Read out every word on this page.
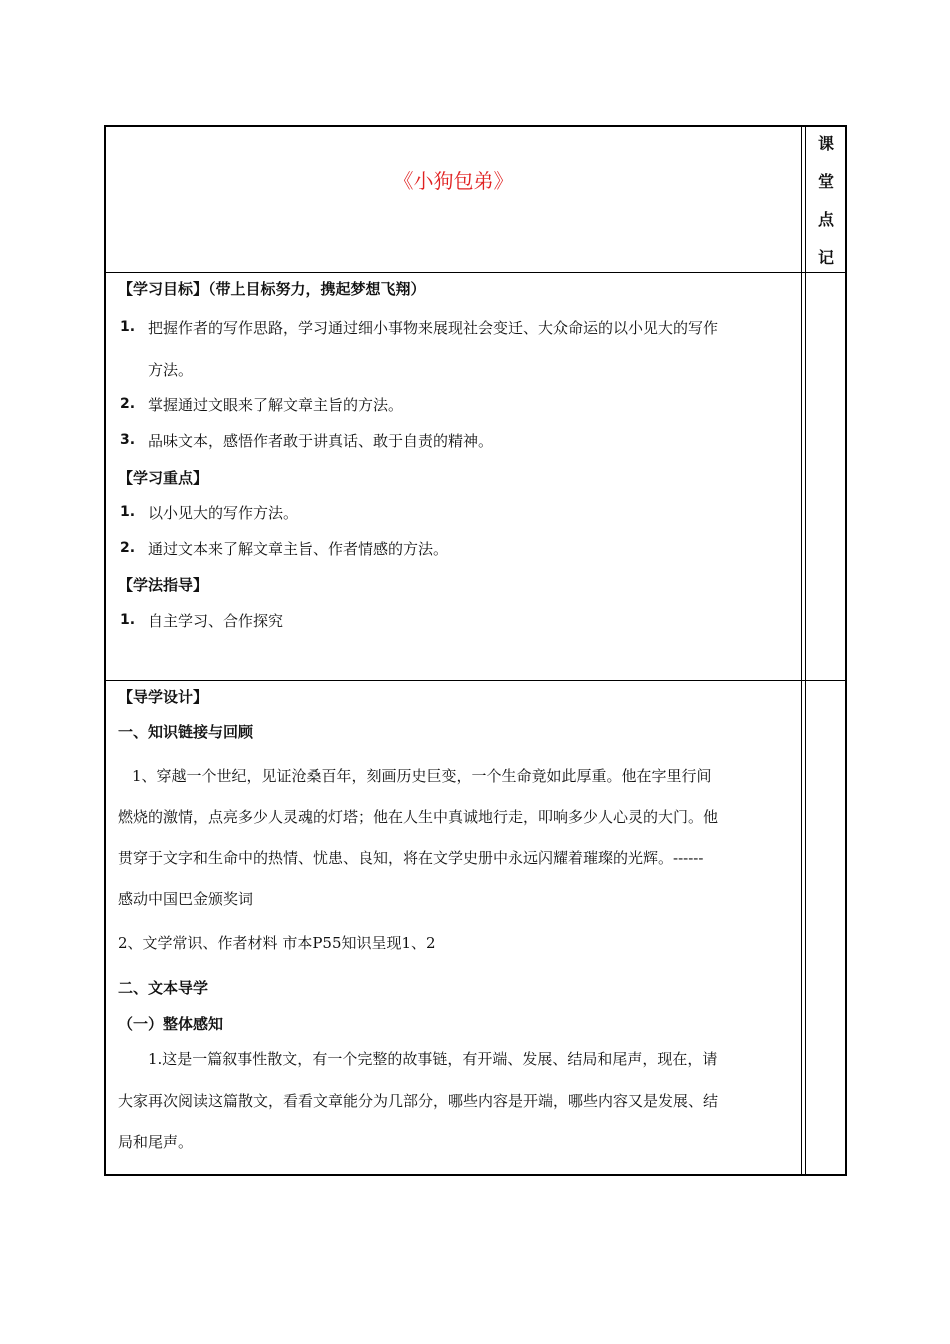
《小狗包弟》
课
堂
点
记
【学习目标】（带上目标努力，携起梦想飞翔）
1. 把握作者的写作思路，学习通过细小事物来展现社会变迁、大众命运的以小见大的写作
方法。
2. 掌握通过文眼来了解文章主旨的方法。
3. 品味文本，感悟作者敢于讲真话、敢于自责的精神。
【学习重点】
1. 以小见大的写作方法。
2. 通过文本来了解文章主旨、作者情感的方法。
【学法指导】
1. 自主学习、合作探究
【导学设计】
一、知识链接与回顾
1、穿越一个世纪，见证沧桑百年，刻画历史巨变，一个生命竟如此厚重。他在字里行间
燃烧的激情，点亮多少人灵魂的灯塔；他在人生中真诚地行走，叩响多少人心灵的大门。他
贯穿于文字和生命中的热情、忧患、良知，将在文学史册中永远闪耀着璀璨的光辉。------
感动中国巴金颁奖词
2、文学常识、作者材料 市本P55知识呈现1、2
二、文本导学
（一）整体感知
1.这是一篇叙事性散文，有一个完整的故事链，有开端、发展、结局和尾声，现在，请
大家再次阅读这篇散文，看看文章能分为几部分，哪些内容是开端，哪些内容又是发展、结
局和尾声。
